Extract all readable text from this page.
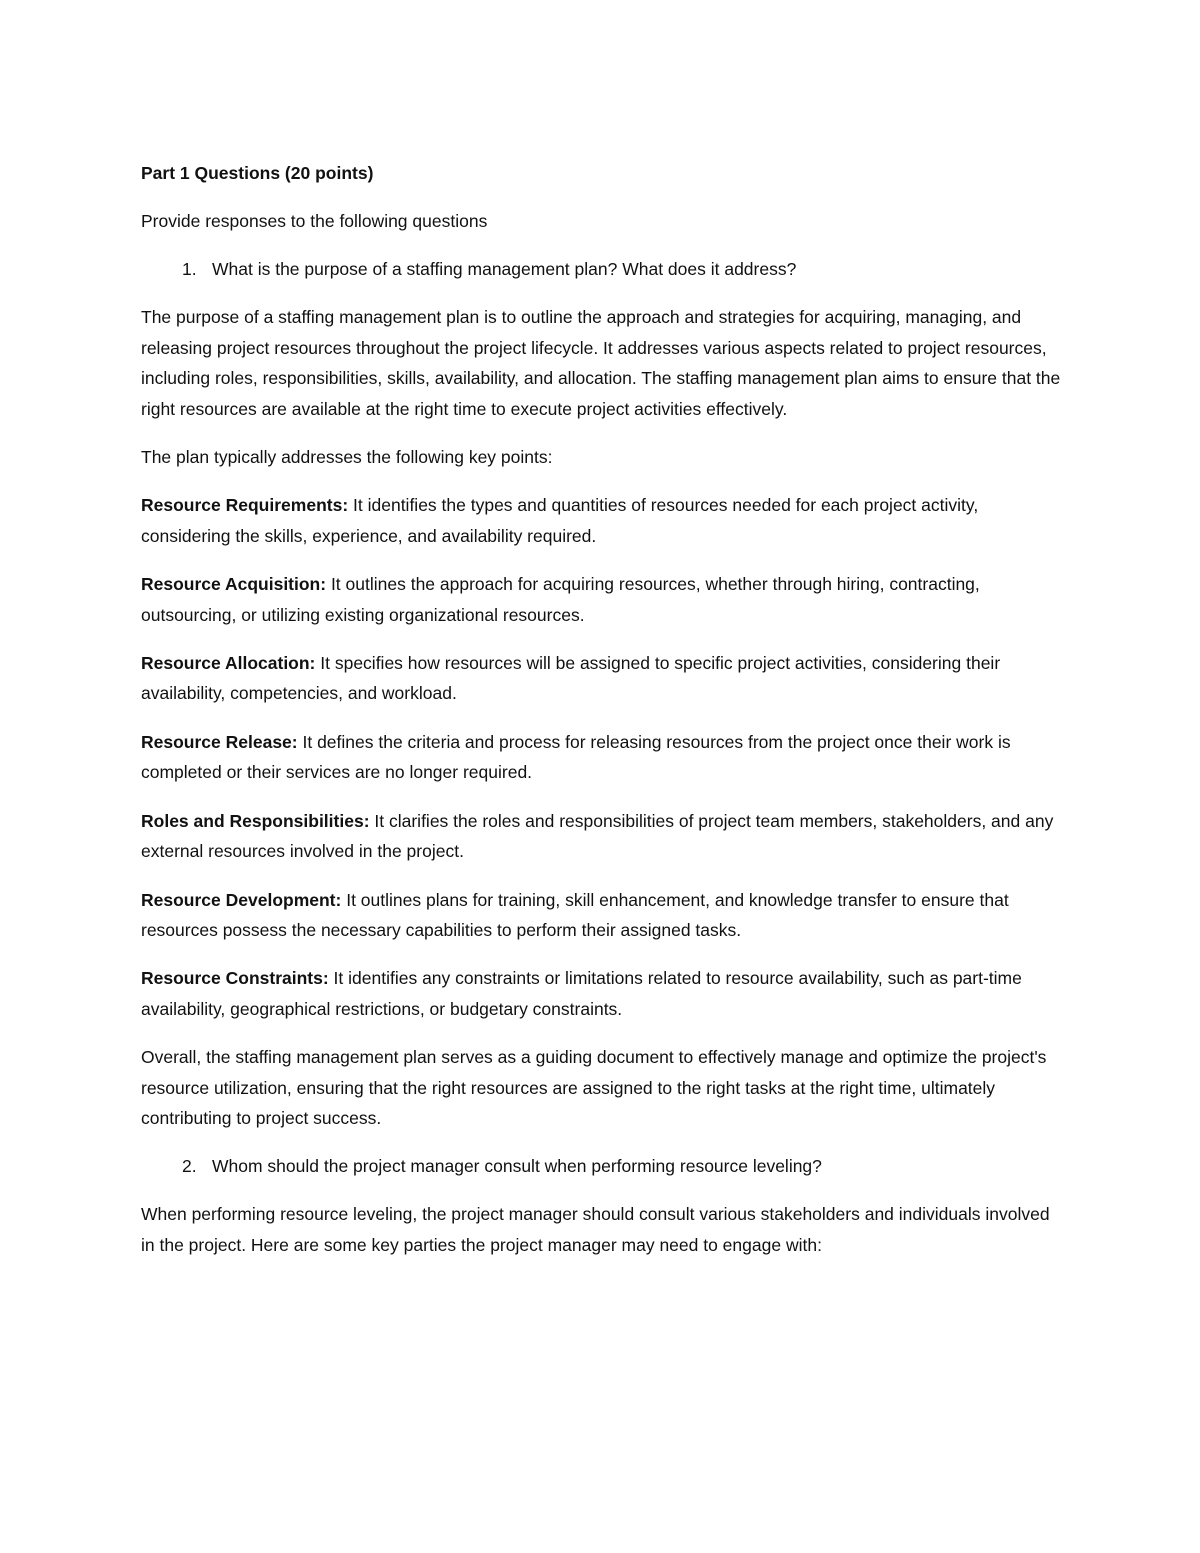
Part 1 Questions (20 points)

Provide responses to the following questions

1. What is the purpose of a staffing management plan? What does it address?

The purpose of a staffing management plan is to outline the approach and strategies for acquiring, managing, and releasing project resources throughout the project lifecycle. It addresses various aspects related to project resources, including roles, responsibilities, skills, availability, and allocation. The staffing management plan aims to ensure that the right resources are available at the right time to execute project activities effectively.

The plan typically addresses the following key points:

Resource Requirements: It identifies the types and quantities of resources needed for each project activity, considering the skills, experience, and availability required.

Resource Acquisition: It outlines the approach for acquiring resources, whether through hiring, contracting, outsourcing, or utilizing existing organizational resources.

Resource Allocation: It specifies how resources will be assigned to specific project activities, considering their availability, competencies, and workload.

Resource Release: It defines the criteria and process for releasing resources from the project once their work is completed or their services are no longer required.

Roles and Responsibilities: It clarifies the roles and responsibilities of project team members, stakeholders, and any external resources involved in the project.

Resource Development: It outlines plans for training, skill enhancement, and knowledge transfer to ensure that resources possess the necessary capabilities to perform their assigned tasks.

Resource Constraints: It identifies any constraints or limitations related to resource availability, such as part-time availability, geographical restrictions, or budgetary constraints.

Overall, the staffing management plan serves as a guiding document to effectively manage and optimize the project's resource utilization, ensuring that the right resources are assigned to the right tasks at the right time, ultimately contributing to project success.

2. Whom should the project manager consult when performing resource leveling?

When performing resource leveling, the project manager should consult various stakeholders and individuals involved in the project. Here are some key parties the project manager may need to engage with:
